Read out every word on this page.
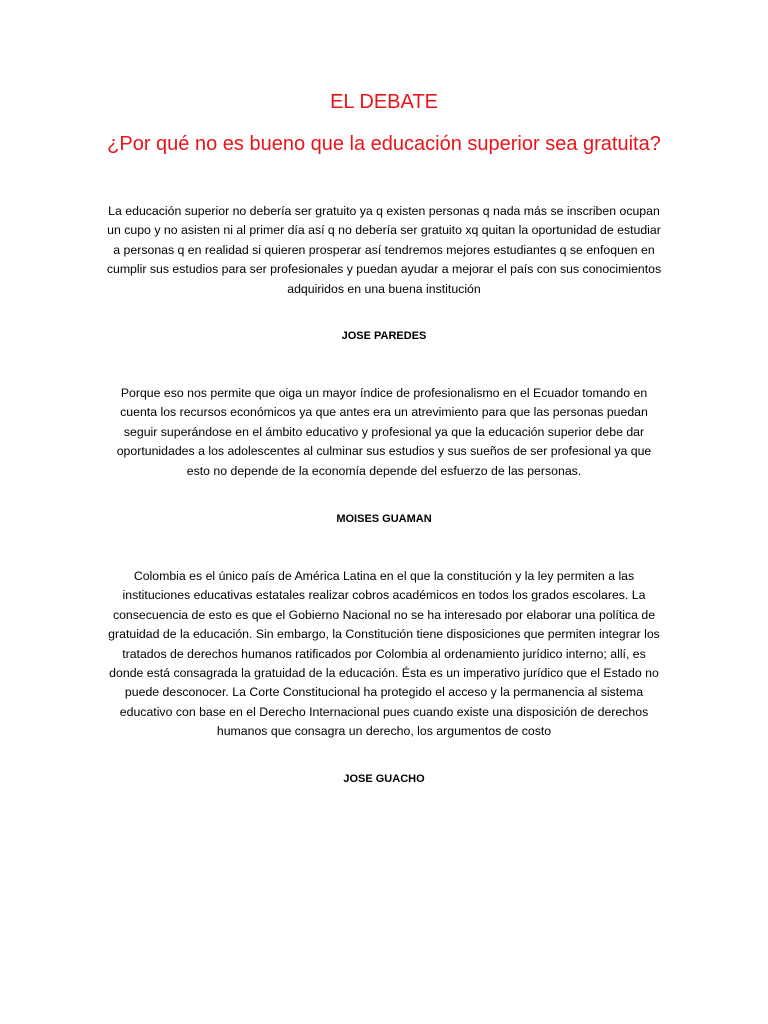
EL DEBATE
¿Por qué no es bueno que la educación superior sea gratuita?
La educación superior no debería ser gratuito ya q existen personas q nada más se inscriben ocupan un cupo y no asisten ni al primer día así q no debería ser gratuito xq quitan la oportunidad de estudiar a personas q en realidad si quieren prosperar así tendremos mejores estudiantes q se enfoquen en cumplir sus estudios para ser profesionales y puedan ayudar a mejorar el país con sus conocimientos adquiridos en una buena institución
JOSE PAREDES
Porque eso nos permite que oiga un mayor índice de profesionalismo en el Ecuador tomando en cuenta los recursos económicos ya que antes era un atrevimiento para que las personas puedan seguir superándose en el ámbito educativo y profesional ya que la educación superior debe dar oportunidades a los adolescentes al culminar sus estudios y sus sueños de ser profesional ya que esto no depende de la economía depende del esfuerzo de las personas.
MOISES GUAMAN
Colombia es el único país de América Latina en el que la constitución y la ley permiten a las instituciones educativas estatales realizar cobros académicos en todos los grados escolares. La consecuencia de esto es que el Gobierno Nacional no se ha interesado por elaborar una política de gratuidad de la educación. Sin embargo, la Constitución tiene disposiciones que permiten integrar los tratados de derechos humanos ratificados por Colombia al ordenamiento jurídico interno; allí, es donde está consagrada la gratuidad de la educación. Ésta es un imperativo jurídico que el Estado no puede desconocer. La Corte Constitucional ha protegido el acceso y la permanencia al sistema educativo con base en el Derecho Internacional pues cuando existe una disposición de derechos humanos que consagra un derecho, los argumentos de costo
JOSE GUACHO
